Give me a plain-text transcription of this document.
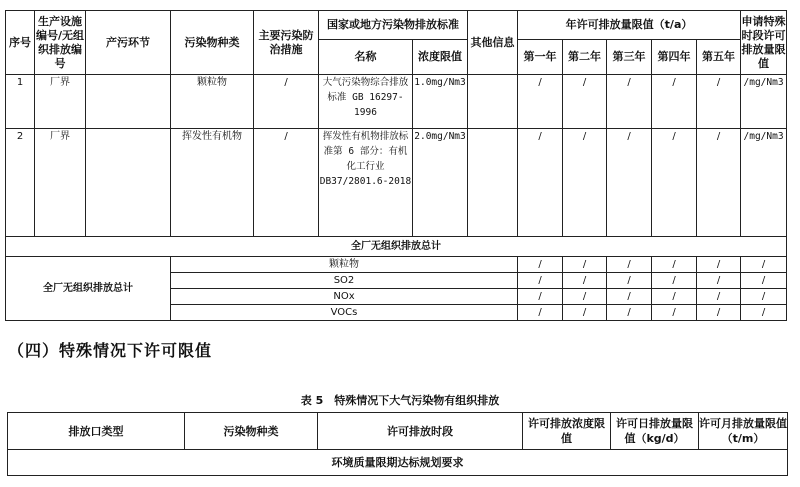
序号	生产设施编号/无组织排放编号	产污环节	污染物种类	主要污染防治措施	国家或地方污染物排放标准		其他信息	年许可排放量限值（t/a）					申请特殊时段许可排放量限值
					名称	浓度限值		第一年	第二年	第三年	第四年	第五年	
1	厂界		颗粒物	/	大气污染物综合排放标准 GB 16297-1996	1.0mg/Nm3		/	/	/	/	/	/mg/Nm3
2	厂界		挥发性有机物	/	挥发性有机物排放标准第 6 部分：有机化工行业 DB37/2801.6-2018	2.0mg/Nm3		/	/	/	/	/	/mg/Nm3
全厂无组织排放总计													
全厂无组织排放总计			颗粒物					/	/	/	/	/	/
			SO2					/	/	/	/	/	/
			NOx					/	/	/	/	/	/
			VOCs					/	/	/	/	/	/
（四）特殊情况下许可限值
表 5　特殊情况下大气污染物有组织排放
排放口类型	污染物种类	许可排放时段	许可排放浓度限值	许可日排放量限值（kg/d）	许可月排放量限值（t/m）
环境质量限期达标规划要求
